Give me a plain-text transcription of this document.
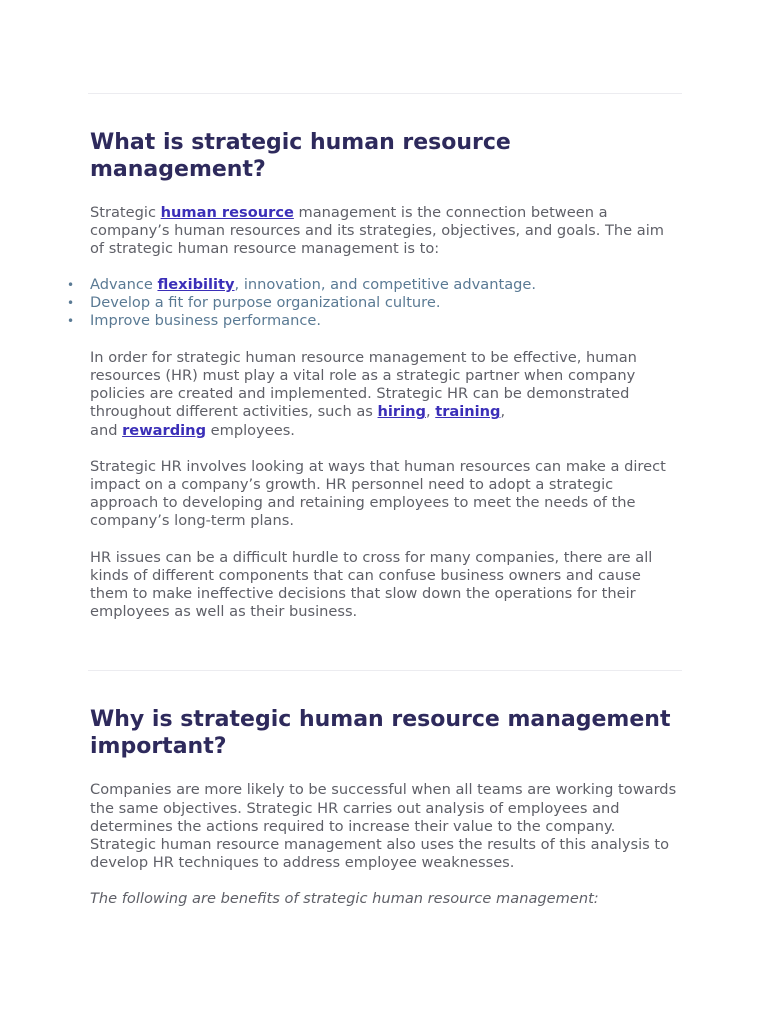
What is strategic human resource management?

Strategic human resource management is the connection between a company’s human resources and its strategies, objectives, and goals. The aim of strategic human resource management is to:

• Advance flexibility, innovation, and competitive advantage.
• Develop a fit for purpose organizational culture.
• Improve business performance.

In order for strategic human resource management to be effective, human resources (HR) must play a vital role as a strategic partner when company policies are created and implemented. Strategic HR can be demonstrated throughout different activities, such as hiring, training,
and rewarding employees.

Strategic HR involves looking at ways that human resources can make a direct impact on a company’s growth. HR personnel need to adopt a strategic approach to developing and retaining employees to meet the needs of the company’s long-term plans.

HR issues can be a difficult hurdle to cross for many companies, there are all kinds of different components that can confuse business owners and cause them to make ineffective decisions that slow down the operations for their employees as well as their business.

Why is strategic human resource management important?

Companies are more likely to be successful when all teams are working towards the same objectives. Strategic HR carries out analysis of employees and determines the actions required to increase their value to the company. Strategic human resource management also uses the results of this analysis to develop HR techniques to address employee weaknesses.

The following are benefits of strategic human resource management:
